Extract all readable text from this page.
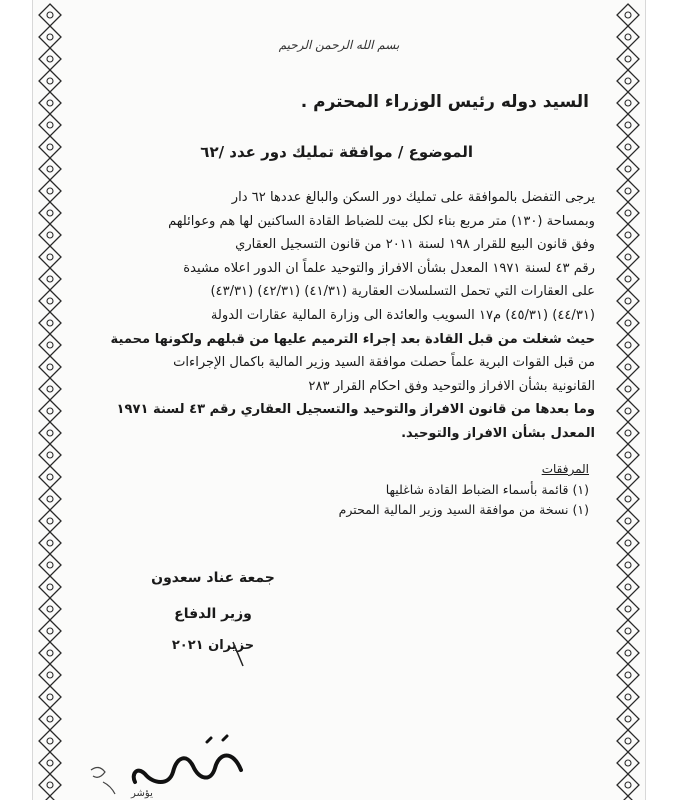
بسم الله الرحمن الرحيم
السيد دوله رئيس الوزراء المحترم .
الموضوع / موافقة تمليك دور عدد /٦٢
يرجى التفضل بالموافقة على تمليك دور السكن والبالغ عددها ٦٢ دار
وبمساحة (١٣٠) متر مربع بناء لكل بيت للضباط القادة الساكنين لها هم وعوائلهم
وفق قانون البيع للقرار ١٩٨ لسنة ٢٠١١ من قانون التسجيل العقاري
رقم ٤٣ لسنة ١٩٧١ المعدل بشأن الافراز والتوحيد علماً ان الدور اعلاه مشيدة
على العقارات التي تحمل التسلسلات العقارية (٤١/٣١) (٤٢/٣١) (٤٣/٣١)
(٤٤/٣١) (٤٥/٣١) م١٧ السويب والعائدة الى وزارة المالية عقارات الدولة
حيث شغلت من قبل القادة بعد إجراء الترميم عليها من قبلهم ولكونها محمية
من قبل القوات البرية علماً حصلت موافقة السيد وزير المالية باكمال الإجراءات
القانونية بشأن الافراز والتوحيد وفق احكام القرار ٢٨٣
وما بعدها من قانون الافراز والتوحيد والتسجيل العقاري رقم ٤٣ لسنة ١٩٧١
المعدل بشأن الافراز والتوحيد.
المرفقات
(١) قائمة بأسماء الضباط القادة شاغليها
(١) نسخة من موافقة السيد وزير المالية المحترم
جمعة عناد سعدون
وزير الدفاع
حزيران ٢٠٢١
يؤشر
